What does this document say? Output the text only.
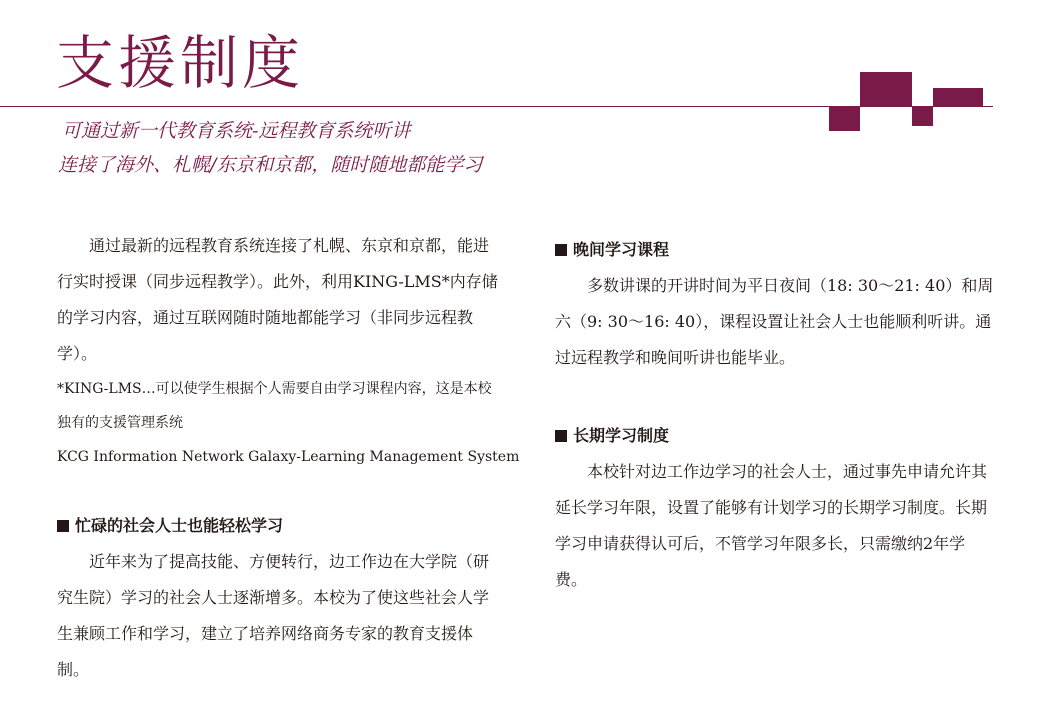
支援制度
可通过新一代教育系统-远程教育系统听讲
连接了海外、札幌/东京和京都，随时随地都能学习

通过最新的远程教育系统连接了札幌、东京和京都，能进行实时授课（同步远程教学）。此外，利用KING-LMS*内存储的学习内容，通过互联网随时随地都能学习（非同步远程教学）。

*KING-LMS…可以使学生根据个人需要自由学习课程内容，这是本校独有的支援管理系统

KCG Information Network Galaxy-Learning Management System

忙碌的社会人士也能轻松学习

近年来为了提高技能、方便转行，边工作边在大学院（研究生院）学习的社会人士逐渐增多。本校为了使这些社会人学生兼顾工作和学习，建立了培养网络商务专家的教育支援体制。

晚间学习课程

多数讲课的开讲时间为平日夜间（18: 30～21: 40）和周六（9: 30～16: 40），课程设置让社会人士也能顺利听讲。通过远程教学和晚间听讲也能毕业。

长期学习制度

本校针对边工作边学习的社会人士，通过事先申请允许其延长学习年限，设置了能够有计划学习的长期学习制度。长期学习申请获得认可后，不管学习年限多长，只需缴纳2年学费。
